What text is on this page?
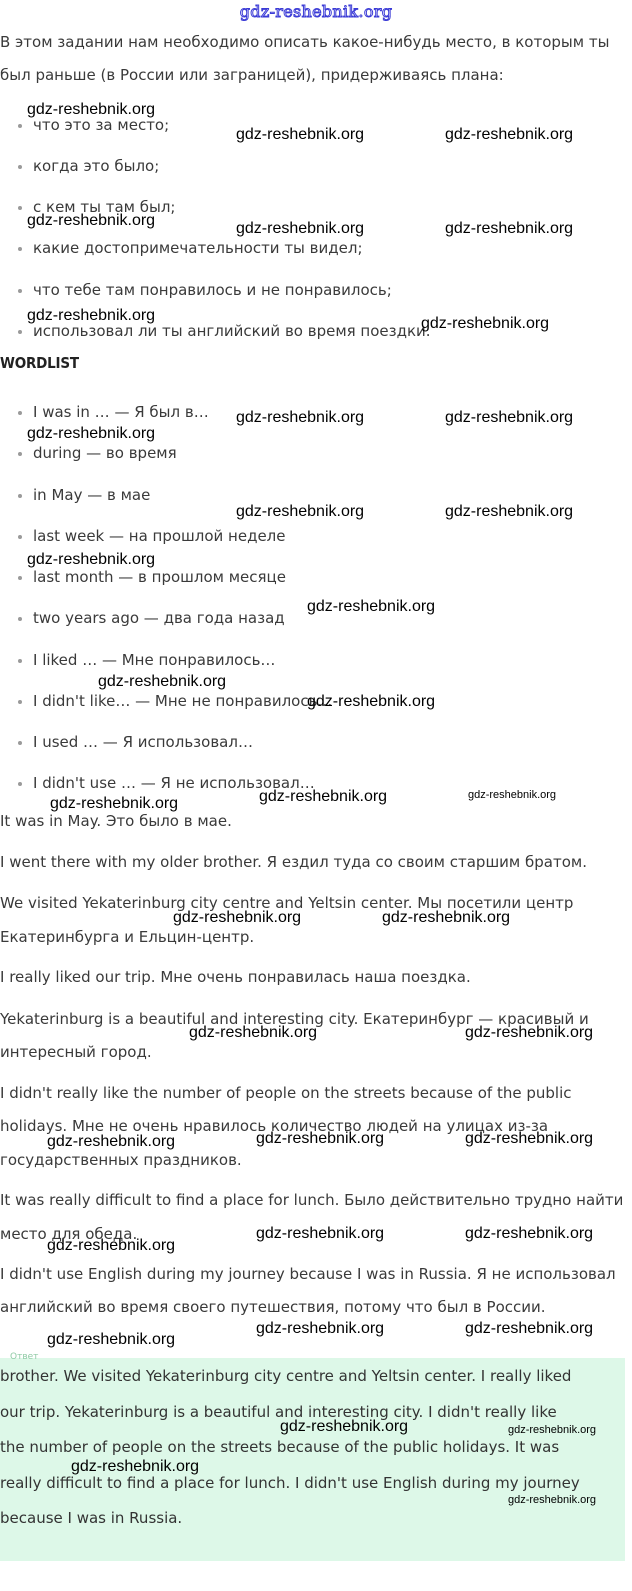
gdz-reshebnik.org
В этом задании нам необходимо описать какое-нибудь место, в которым ты
был раньше (в России или заграницей), придерживаясь плана:
что это за место;
когда это было;
с кем ты там был;
какие достопримечательности ты видел;
что тебе там понравилось и не понравилось;
использовал ли ты английский во время поездки.
WORDLIST
I was in … — Я был в…
during — во время
in May — в мае
last week — на прошлой неделе
last month — в прошлом месяце
two years ago — два года назад
I liked … — Мне понравилось…
I didn't like… — Мне не понравилось…
I used … — Я использовал…
I didn't use … — Я не использовал…
It was in May. Это было в мае.
I went there with my older brother. Я ездил туда со своим старшим братом.
We visited Yekaterinburg city centre and Yeltsin center. Мы посетили центр
Екатеринбурга и Ельцин-центр.
I really liked our trip. Мне очень понравилась наша поездка.
Yekaterinburg is a beautiful and interesting city. Екатеринбург — красивый и
интересный город.
I didn't really like the number of people on the streets because of the public
holidays. Мне не очень нравилось количество людей на улицах из-за
государственных праздников.
It was really difficult to find a place for lunch. Было действительно трудно найти
место для обеда.
I didn't use English during my journey because I was in Russia. Я не использовал
английский во время своего путешествия, потому что был в России.
Ответ
brother. We visited Yekaterinburg city centre and Yeltsin center. I really liked
our trip. Yekaterinburg is a beautiful and interesting city. I didn't really like
the number of people on the streets because of the public holidays. It was
really difficult to find a place for lunch. I didn't use English during my journey
because I was in Russia.
gdz-reshebnik.org
gdz-reshebnik.org	gdz-reshebnik.org
gdz-reshebnik.org	gdz-reshebnik.org	gdz-reshebnik.org
gdz-reshebnik.org	gdz-reshebnik.org
gdz-reshebnik.org	gdz-reshebnik.org
gdz-reshebnik.org
gdz-reshebnik.org	gdz-reshebnik.org
gdz-reshebnik.org
gdz-reshebnik.org
gdz-reshebnik.org
gdz-reshebnik.org
gdz-reshebnik.org	gdz-reshebnik.org
gdz-reshebnik.org
gdz-reshebnik.org	gdz-reshebnik.org
gdz-reshebnik.org	gdz-reshebnik.org
gdz-reshebnik.org	gdz-reshebnik.org
gdz-reshebnik.org
gdz-reshebnik.org	gdz-reshebnik.org
gdz-reshebnik.org
gdz-reshebnik.org	gdz-reshebnik.org
gdz-reshebnik.org
gdz-reshebnik.org	gdz-reshebnik.org
gdz-reshebnik.org
gdz-reshebnik.org
